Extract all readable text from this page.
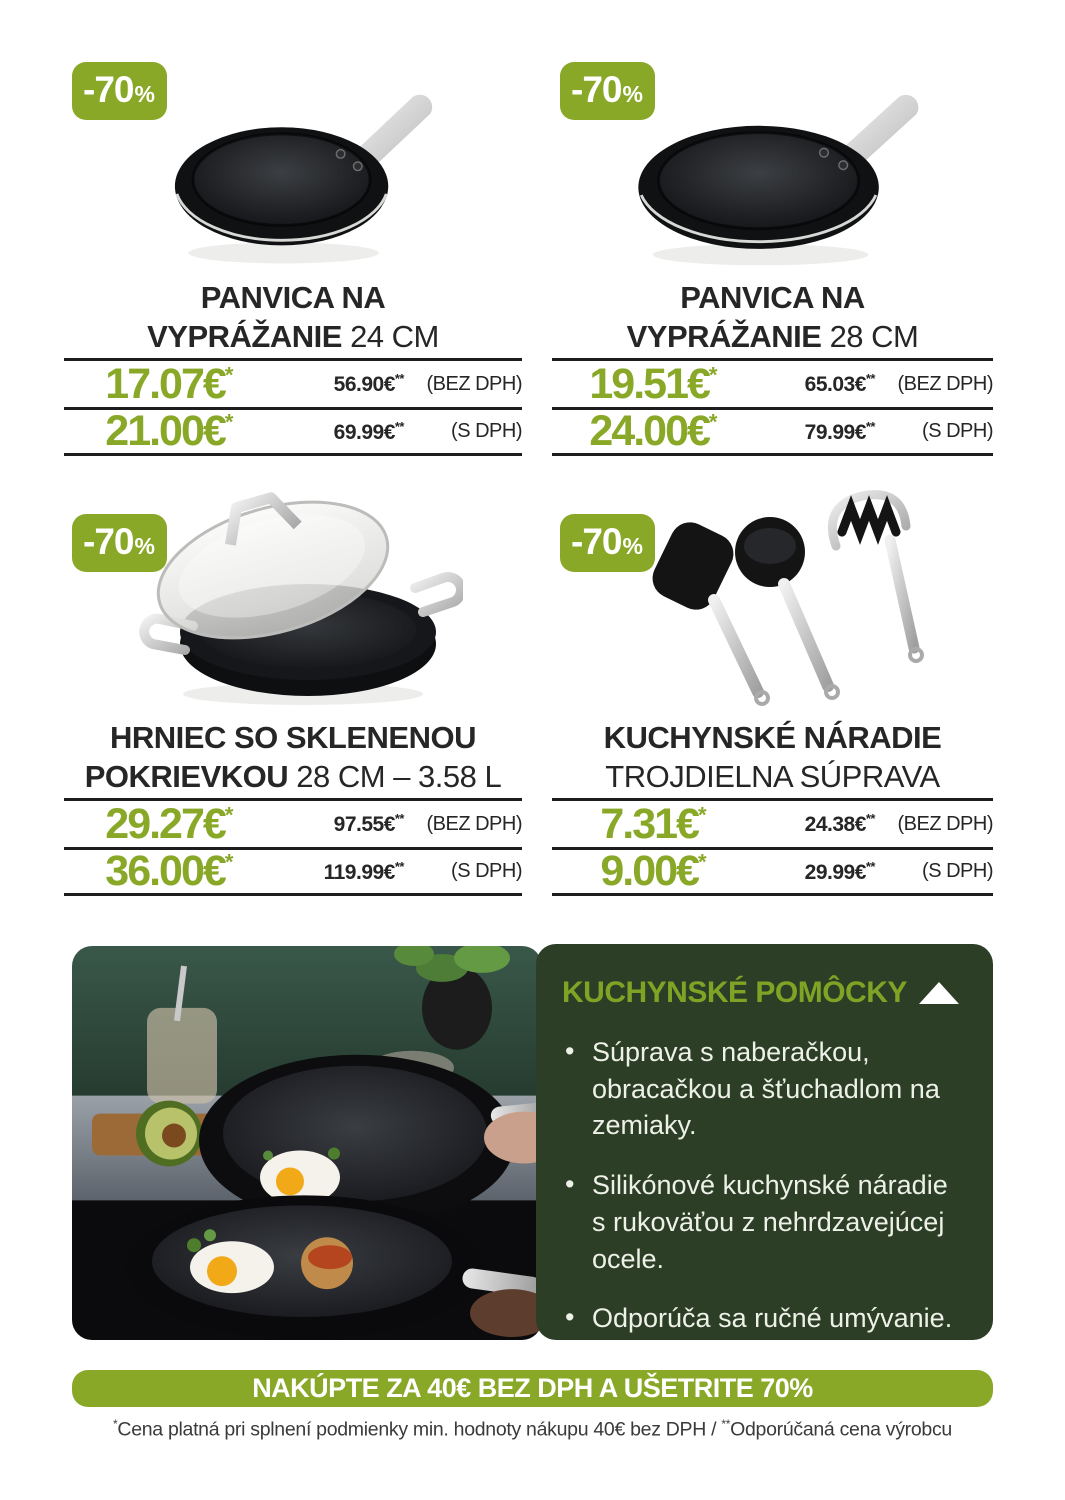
-70 %
PANVICA NA
VYPRÁŽANIE 24 CM
17.07€*	56.90€**	(BEZ DPH)
21.00€*	69.99€**	(S DPH)
-70 %
PANVICA NA
VYPRÁŽANIE 28 CM
19.51€*	65.03€**	(BEZ DPH)
24.00€*	79.99€**	(S DPH)
-70 %
HRNIEC SO SKLENENOU
POKRIEVKOU 28 CM – 3.58 L
29.27€*	97.55€**	(BEZ DPH)
36.00€*	119.99€**	(S DPH)
-70 %
KUCHYNSKÉ NÁRADIE
TROJDIELNA SÚPRAVA
7.31€*	24.38€**	(BEZ DPH)
9.00€*	29.99€**	(S DPH)
KUCHYNSKÉ POMÔCKY
• Súprava s naberačkou, obracačkou a šťuchadlom na zemiaky.
• Silikónové kuchynské náradie s rukoväťou z nehrdzavejúcej ocele.
• Odporúča sa ručné umývanie.
NAKÚPTE ZA 40€ BEZ DPH A UŠETRITE 70%

*Cena platná pri splnení podmienky min. hodnoty nákupu 40€ bez DPH / **Odporúčaná cena výrobcu
